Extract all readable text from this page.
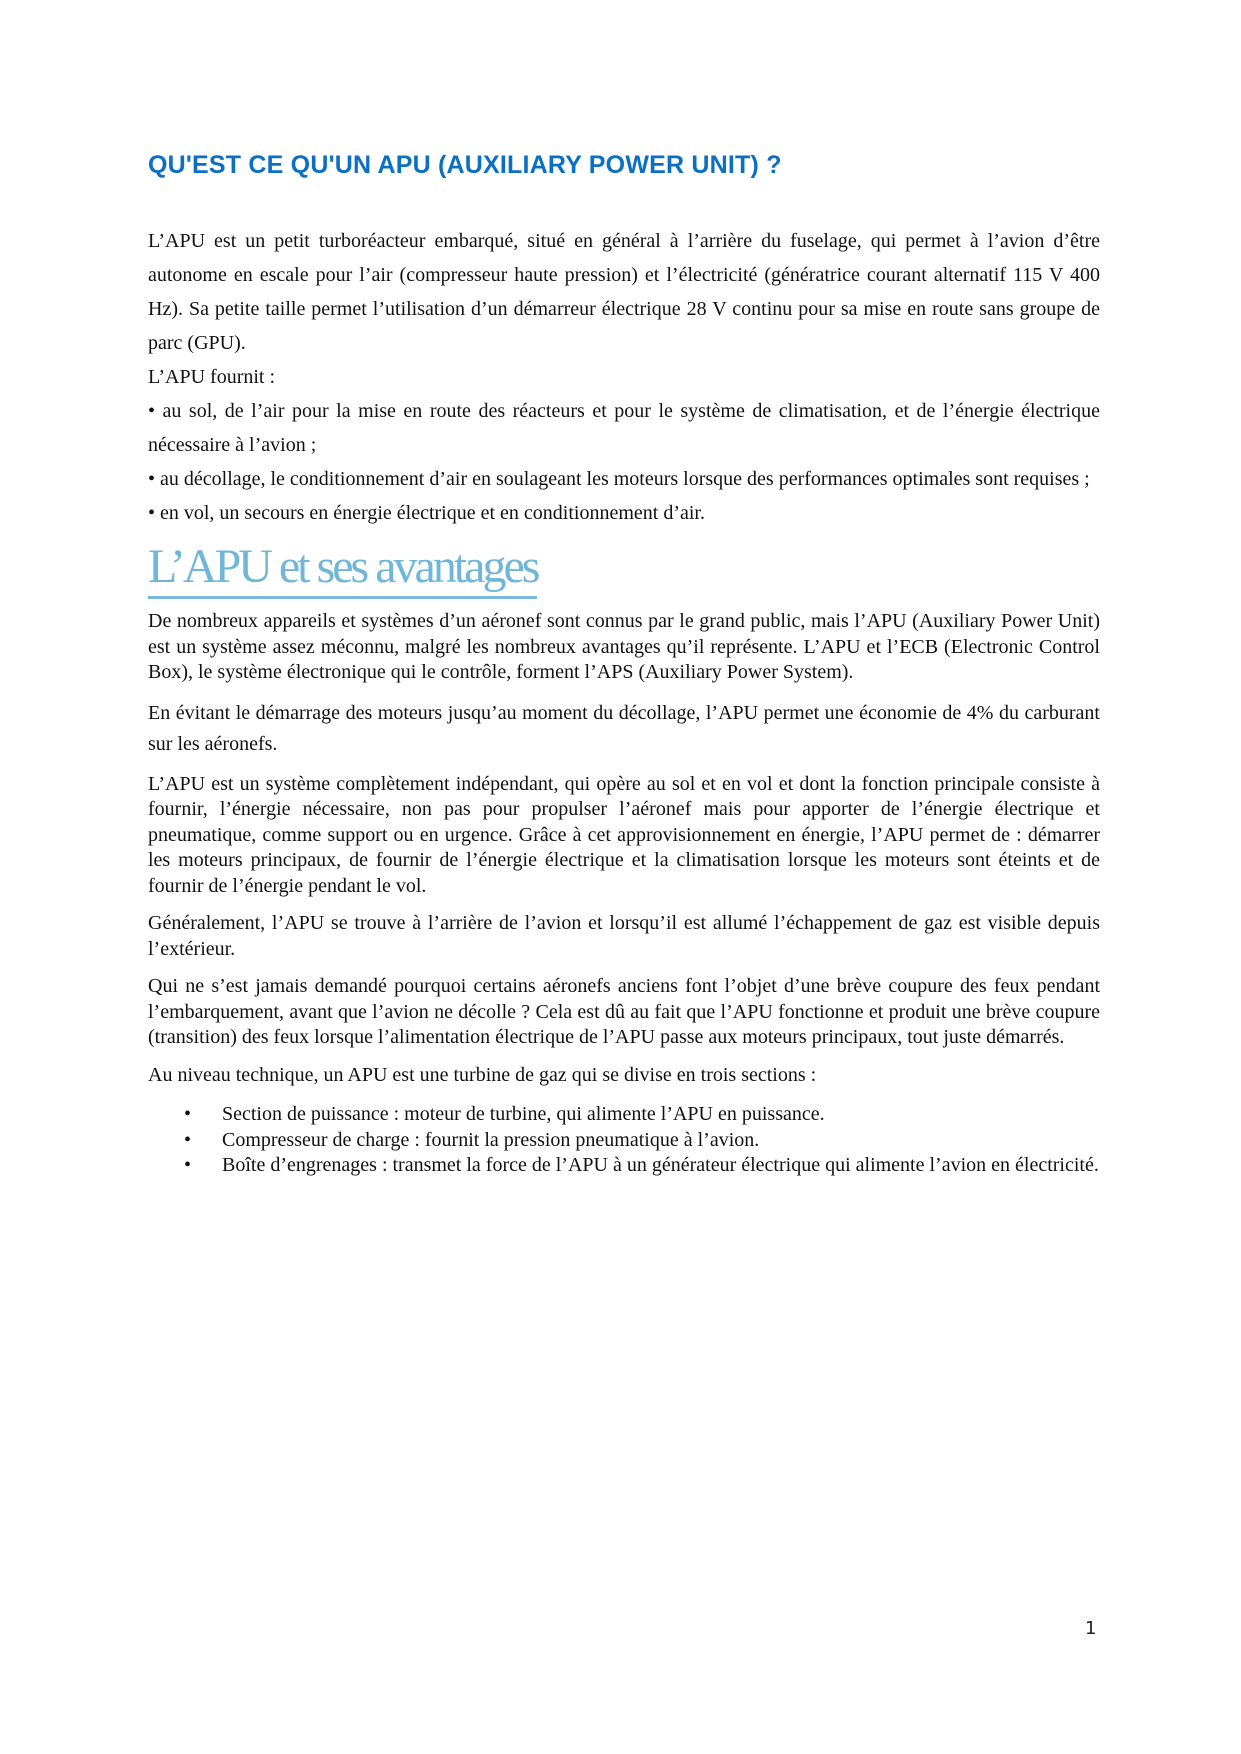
QU'EST CE QU'UN APU (AUXILIARY POWER UNIT) ?

L’APU est un petit turboréacteur embarqué, situé en général à l’arrière du fuselage, qui permet à l’avion d’être autonome en escale pour l’air (compresseur haute pression) et l’électricité (génératrice courant alternatif 115 V 400 Hz). Sa petite taille permet l’utilisation d’un démarreur électrique 28 V continu pour sa mise en route sans groupe de parc (GPU).

L’APU fournit :

• au sol, de l’air pour la mise en route des réacteurs et pour le système de climatisation, et de l’énergie électrique nécessaire à l’avion ;

• au décollage, le conditionnement d’air en soulageant les moteurs lorsque des performances optimales sont requises ;

• en vol, un secours en énergie électrique et en conditionnement d’air.

L’APU et ses avantages

De nombreux appareils et systèmes d’un aéronef sont connus par le grand public, mais l’APU (Auxiliary Power Unit) est un système assez méconnu, malgré les nombreux avantages qu’il représente. L’APU et l’ECB (Electronic Control Box), le système électronique qui le contrôle, forment l’APS (Auxiliary Power System).

En évitant le démarrage des moteurs jusqu’au moment du décollage, l’APU permet une économie de 4% du carburant sur les aéronefs.

L’APU est un système complètement indépendant, qui opère au sol et en vol et dont la fonction principale consiste à fournir, l’énergie nécessaire, non pas pour propulser l’aéronef mais pour apporter de l’énergie électrique et pneumatique, comme support ou en urgence. Grâce à cet approvisionnement en énergie, l’APU permet de : démarrer les moteurs principaux, de fournir de l’énergie électrique et la climatisation lorsque les moteurs sont éteints et de fournir de l’énergie pendant le vol.

Généralement, l’APU se trouve à l’arrière de l’avion et lorsqu’il est allumé l’échappement de gaz est visible depuis l’extérieur.

Qui ne s’est jamais demandé pourquoi certains aéronefs anciens font l’objet d’une brève coupure des feux pendant l’embarquement, avant que l’avion ne décolle ? Cela est dû au fait que l’APU fonctionne et produit une brève coupure (transition) des feux lorsque l’alimentation électrique de l’APU passe aux moteurs principaux, tout juste démarrés.

Au niveau technique, un APU est une turbine de gaz qui se divise en trois sections :

• Section de puissance : moteur de turbine, qui alimente l’APU en puissance.
• Compresseur de charge : fournit la pression pneumatique à l’avion.
• Boîte d’engrenages : transmet la force de l’APU à un générateur électrique qui alimente l’avion en électricité.
1
